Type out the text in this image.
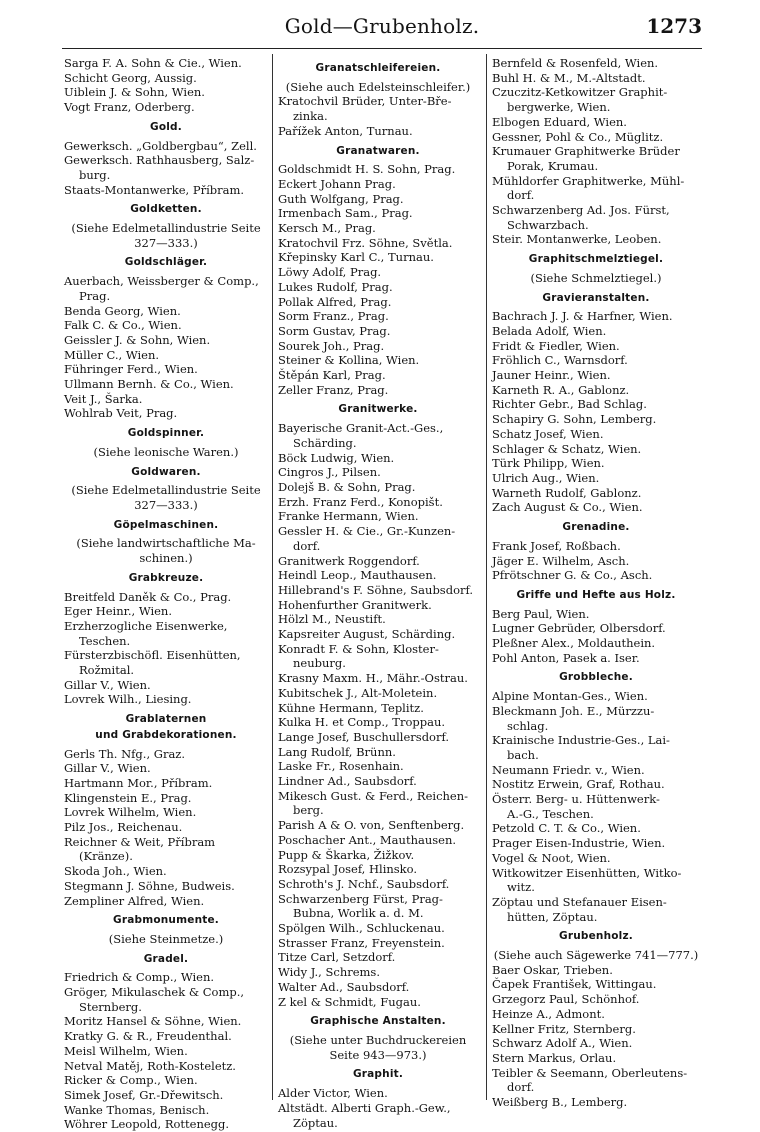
Gold—Grubenholz.	1273
Sarga F. A. Sohn & Cie., Wien.
Schicht Georg, Aussig.
Uiblein J. & Sohn, Wien.
Vogt Franz, Oderberg.
Gold.
Gewerksch. „Goldbergbau“, Zell.
Gewerksch. Rathhausberg, Salz-
burg.
Staats-Montanwerke, Příbram.
Goldketten.
(Siehe Edelmetallindustrie Seite
327—333.)
Goldschläger.
Auerbach, Weissberger & Comp.,
Prag.
Benda Georg, Wien.
Falk C. & Co., Wien.
Geissler J. & Sohn, Wien.
Müller C., Wien.
Führinger Ferd., Wien.
Ullmann Bernh. & Co., Wien.
Veit J., Šarka.
Wohlrab Veit, Prag.
Goldspinner.
(Siehe leonische Waren.)
Goldwaren.
(Siehe Edelmetallindustrie Seite
327—333.)
Göpelmaschinen.
(Siehe landwirtschaftliche Ma-
schinen.)
Grabkreuze.
Breitfeld Daněk & Co., Prag.
Eger Heinr., Wien.
Erzherzogliche Eisenwerke,
Teschen.
Fürsterzbischöfl. Eisenhütten,
Rožmital.
Gillar V., Wien.
Lovrek Wilh., Liesing.
Grablaternen
und Grabdekorationen.
Gerls Th. Nfg., Graz.
Gillar V., Wien.
Hartmann Mor., Příbram.
Klingenstein E., Prag.
Lovrek Wilhelm, Wien.
Pilz Jos., Reichenau.
Reichner & Weit, Příbram
(Kränze).
Skoda Joh., Wien.
Stegmann J. Söhne, Budweis.
Zempliner Alfred, Wien.
Grabmonumente.
(Siehe Steinmetze.)
Gradel.
Friedrich & Comp., Wien.
Gröger, Mikulaschek & Comp.,
Sternberg.
Moritz Hansel & Söhne, Wien.
Kratky G. & R., Freudenthal.
Meisl Wilhelm, Wien.
Netval Matěj, Roth-Kosteletz.
Ricker & Comp., Wien.
Simek Josef, Gr.-Dřewitsch.
Wanke Thomas, Benisch.
Wöhrer Leopold, Rottenegg.
Granatschleifereien.
(Siehe auch Edelsteinschleifer.)
Kratochvil Brüder, Unter-Bře-
zinka.
Pařížek Anton, Turnau.
Granatwaren.
Goldschmidt H. S. Sohn, Prag.
Eckert Johann Prag.
Guth Wolfgang, Prag.
Irmenbach Sam., Prag.
Kersch M., Prag.
Kratochvil Frz. Söhne, Světla.
Křepinsky Karl C., Turnau.
Löwy Adolf, Prag.
Lukes Rudolf, Prag.
Pollak Alfred, Prag.
Sorm Franz., Prag.
Sorm Gustav, Prag.
Sourek Joh., Prag.
Steiner & Kollina, Wien.
Štěpán Karl, Prag.
Zeller Franz, Prag.
Granitwerke.
Bayerische Granit-Act.-Ges.,
Schärding.
Böck Ludwig, Wien.
Cingros J., Pilsen.
Dolejš B. & Sohn, Prag.
Erzh. Franz Ferd., Konopišt.
Franke Hermann, Wien.
Gessler H. & Cie., Gr.-Kunzen-
dorf.
Granitwerk Roggendorf.
Heindl Leop., Mauthausen.
Hillebrand's F. Söhne, Saubsdorf.
Hohenfurther Granitwerk.
Hölzl M., Neustift.
Kapsreiter August, Schärding.
Konradt F. & Sohn, Kloster-
neuburg.
Krasny Maxm. H., Mähr.-Ostrau.
Kubitschek J., Alt-Moletein.
Kühne Hermann, Teplitz.
Kulka H. et Comp., Troppau.
Lange Josef, Buschullersdorf.
Lang Rudolf, Brünn.
Laske Fr., Rosenhain.
Lindner Ad., Saubsdorf.
Mikesch Gust. & Ferd., Reichen-
berg.
Parish A & O. von, Senftenberg.
Poschacher Ant., Mauthausen.
Pupp & Škarka, Žižkov.
Rozsypal Josef, Hlinsko.
Schroth's J. Nchf., Saubsdorf.
Schwarzenberg Fürst, Prag-
Bubna, Worlik a. d. M.
Spölgen Wilh., Schluckenau.
Strasser Franz, Freyenstein.
Titze Carl, Setzdorf.
Widy J., Schrems.
Walter Ad., Saubsdorf.
Z kel & Schmidt, Fugau.
Graphische Anstalten.
(Siehe unter Buchdruckereien
Seite 943—973.)
Graphit.
Alder Victor, Wien.
Altstädt. Alberti Graph.-Gew.,
Zöptau.
Bernfeld & Rosenfeld, Wien.
Buhl H. & M., M.-Altstadt.
Czuczitz-Ketkowitzer Graphit-
bergwerke, Wien.
Elbogen Eduard, Wien.
Gessner, Pohl & Co., Müglitz.
Krumauer Graphitwerke Brüder
Porak, Krumau.
Mühldorfer Graphitwerke, Mühl-
dorf.
Schwarzenberg Ad. Jos. Fürst,
Schwarzbach.
Steir. Montanwerke, Leoben.
Graphitschmelztiegel.
(Siehe Schmelztiegel.)
Gravieranstalten.
Bachrach J. J. & Harfner, Wien.
Belada Adolf, Wien.
Fridt & Fiedler, Wien.
Fröhlich C., Warnsdorf.
Jauner Heinr., Wien.
Karneth R. A., Gablonz.
Richter Gebr., Bad Schlag.
Schapiry G. Sohn, Lemberg.
Schatz Josef, Wien.
Schlager & Schatz, Wien.
Türk Philipp, Wien.
Ulrich Aug., Wien.
Warneth Rudolf, Gablonz.
Zach August & Co., Wien.
Grenadine.
Frank Josef, Roßbach.
Jäger E. Wilhelm, Asch.
Pfrötschner G. & Co., Asch.
Griffe und Hefte aus Holz.
Berg Paul, Wien.
Lugner Gebrüder, Olbersdorf.
Pleßner Alex., Moldauthein.
Pohl Anton, Pasek a. Iser.
Grobbleche.
Alpine Montan-Ges., Wien.
Bleckmann Joh. E., Mürzzu-
schlag.
Krainische Industrie-Ges., Lai-
bach.
Neumann Friedr. v., Wien.
Nostitz Erwein, Graf, Rothau.
Österr. Berg- u. Hüttenwerk-
A.-G., Teschen.
Petzold C. T. & Co., Wien.
Prager Eisen-Industrie, Wien.
Vogel & Noot, Wien.
Witkowitzer Eisenhütten, Witko-
witz.
Zöptau und Stefanauer Eisen-
hütten, Zöptau.
Grubenholz.
(Siehe auch Sägewerke 741—777.)
Baer Oskar, Trieben.
Čapek František, Wittingau.
Grzegorz Paul, Schönhof.
Heinze A., Admont.
Kellner Fritz, Sternberg.
Schwarz Adolf A., Wien.
Stern Markus, Orlau.
Teibler & Seemann, Oberleutens-
dorf.
Weißberg B., Lemberg.
